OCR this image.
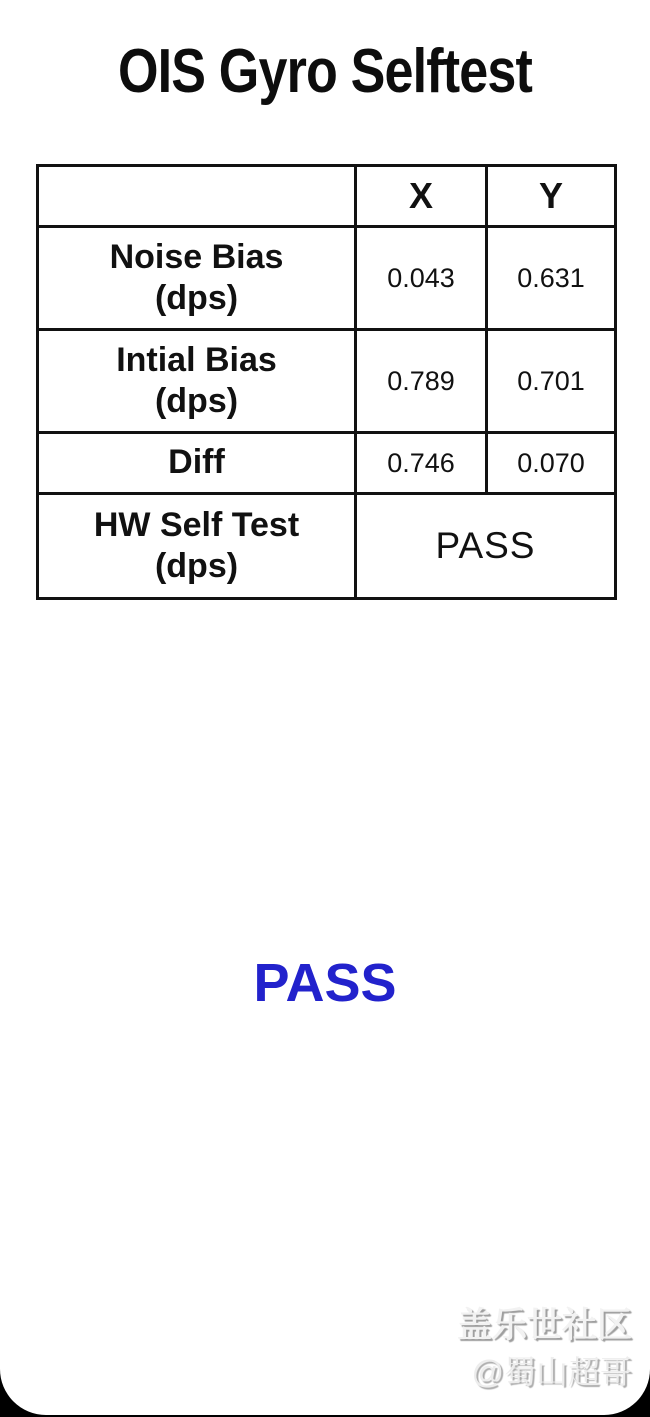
OIS Gyro Selftest
	X	Y

Noise Bias
(dps)	0.043	0.631

Intial Bias
(dps)	0.789	0.701

Diff	0.746	0.070

HW Self Test
(dps)	PASS	
PASS
盖乐世社区
@蜀山超哥
